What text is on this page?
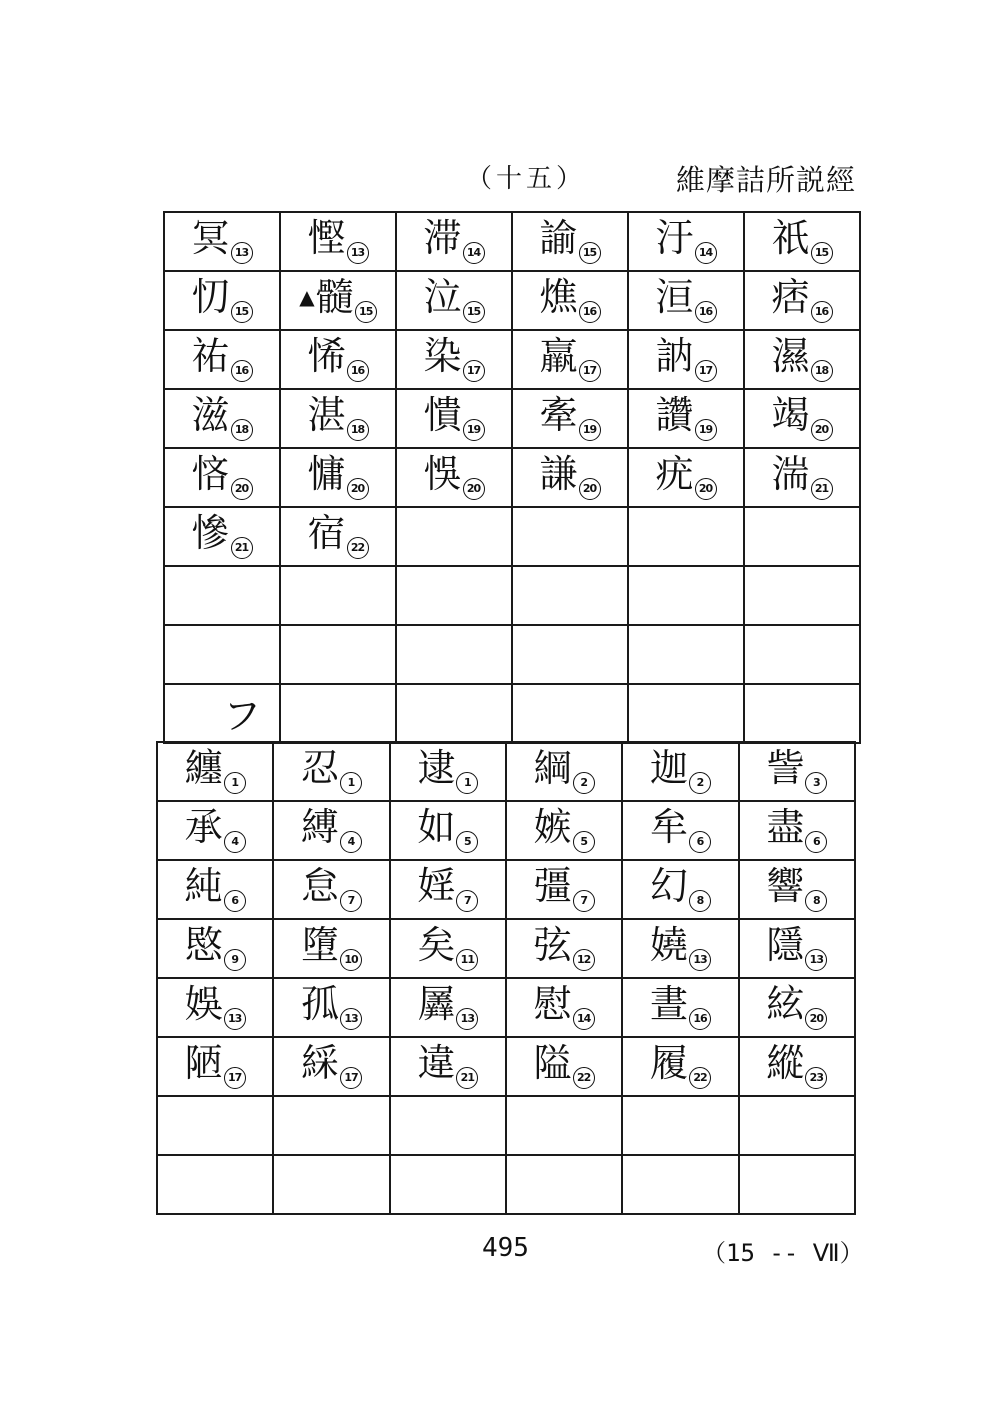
（十五）	維摩詰所説經
冥 13	慳 13	滞 14	諭 15	汙 14	祇 15
忉 15	▲髓 15	泣 15	燋 16	洹 16	痞 16
祐 16	悕 16	染 17	羸 17	訥 17	濕 18
滋 18	湛 18	憒 19	牽 19	讚 19	竭 20
悋 20	慵 20	悞 20	謙 20	疣 20	湍 21
慘 21	宿 22				

フ					
纏 1	忍 1	逮 1	綱 2	迦 2	訾 3
承 4	縛 4	如 5	嫉 5	牟 6	盡 6
純 6	怠 7	婬 7	彊 7	幻 8	響 8
愍 9	墮 10	矣 11	弦 12	嬈 13	隱 13
娛 13	孤 13	羼 13	慰 14	晝 16	絃 20
陋 17	綵 17	違 21	隘 22	履 22	縱 23

495	（15 -- Ⅶ）
